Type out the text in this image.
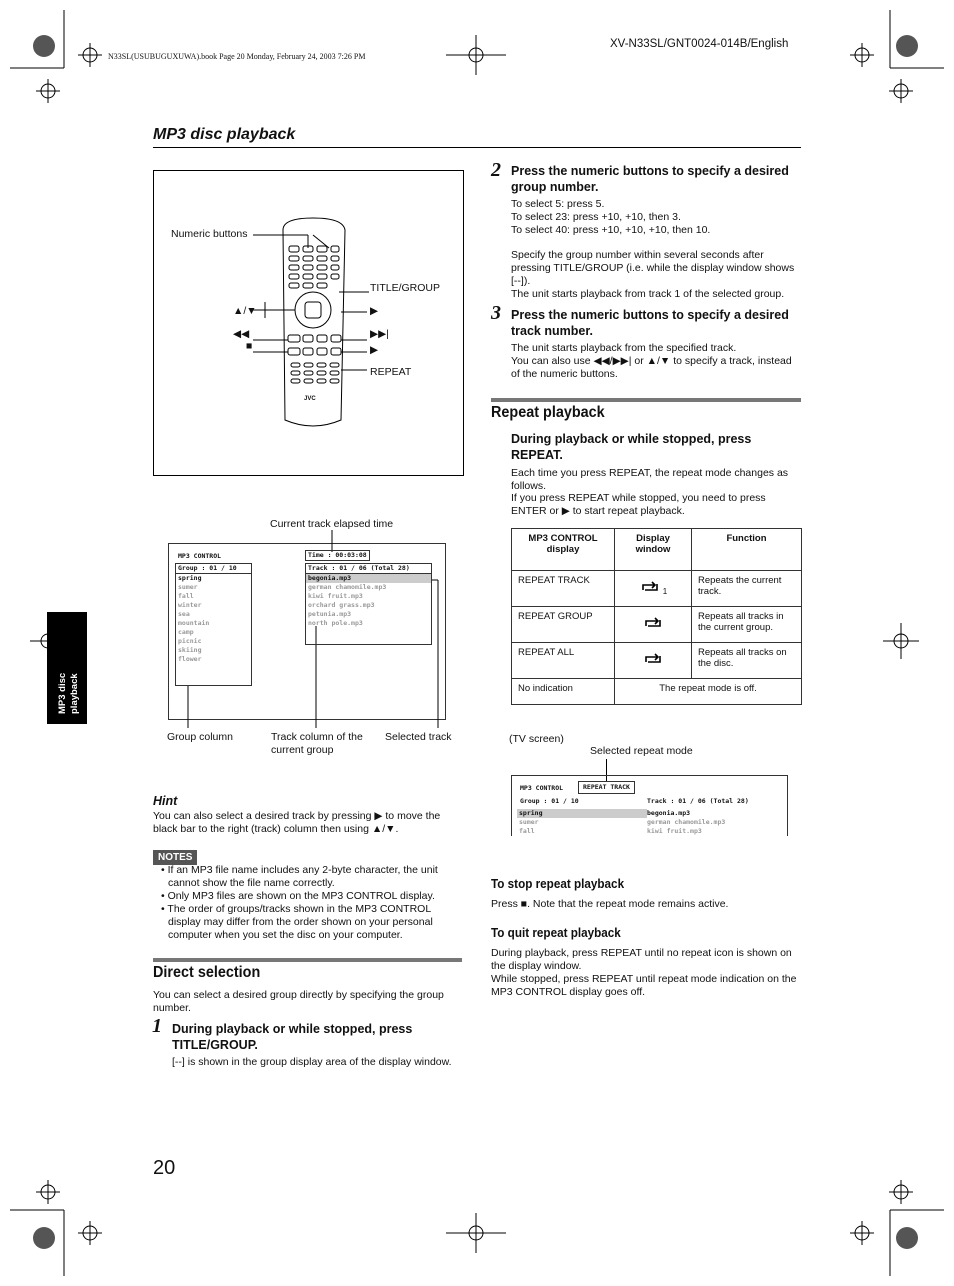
N33SL(USUBUGUXUWA).book Page 20 Monday, February 24, 2003 7:26 PM
XV-N33SL/GNT0024-014B/English
MP3 disc playback
MP3 disc playback
Numeric buttons
TITLE/GROUP
▲/▼
◀◀
■
▶
▶▶|
▶
REPEAT
JVC
Current track elapsed time
MP3 CONTROL	Time : 00:03:08
Group : 01 / 10
spring
sumer
fall
winter
sea
mountain
camp
picnic
skiing
flower
Track : 01 / 06 (Total 28)
begonia.mp3
german chamomile.mp3
kiwi fruit.mp3
orchard grass.mp3
petunia.mp3
north pole.mp3
Group column	Track column of the current group
Selected track
Hint
You can also select a desired track by pressing ▶ to move the black bar to the right (track) column then using ▲/▼.
NOTES
• If an MP3 file name includes any 2-byte character, the unit cannot show the file name correctly.
• Only MP3 files are shown on the MP3 CONTROL display.
• The order of groups/tracks shown in the MP3 CONTROL display may differ from the order shown on your personal computer when you set the disc on your computer.
Direct selection
You can select a desired group directly by specifying the group number.
1 During playback or while stopped, press TITLE/GROUP.
[--] is shown in the group display area of the display window.
2 Press the numeric buttons to specify a desired group number.
To select 5: press 5.
To select 23: press +10, +10, then 3.
To select 40: press +10, +10, +10, then 10.
Specify the group number within several seconds after pressing TITLE/GROUP (i.e. while the display window shows [--]).
The unit starts playback from track 1 of the selected group.
3 Press the numeric buttons to specify a desired track number.
The unit starts playback from the specified track.
You can also use ◀◀/▶▶| or ▲/▼ to specify a track, instead of the numeric buttons.
Repeat playback
During playback or while stopped, press REPEAT.
Each time you press REPEAT, the repeat mode changes as follows.
If you press REPEAT while stopped, you need to press ENTER or ▶ to start repeat playback.
MP3 CONTROL display	Display window	Function
REPEAT TRACK	1	Repeats the current track.
REPEAT GROUP		Repeats all tracks in the current group.
REPEAT ALL		Repeats all tracks on the disc.
No indication	The repeat mode is off.	
(TV screen)
Selected repeat mode
MP3 CONTROL	REPEAT TRACK
Group : 01 / 10	Track : 01 / 06 (Total 28)
spring
sumer
fall
begonia.mp3
german chamomile.mp3
kiwi fruit.mp3
To stop repeat playback
Press ■. Note that the repeat mode remains active.
To quit repeat playback
During playback, press REPEAT until no repeat icon is shown on the display window.
While stopped, press REPEAT until repeat mode indication on the MP3 CONTROL display goes off.
20
